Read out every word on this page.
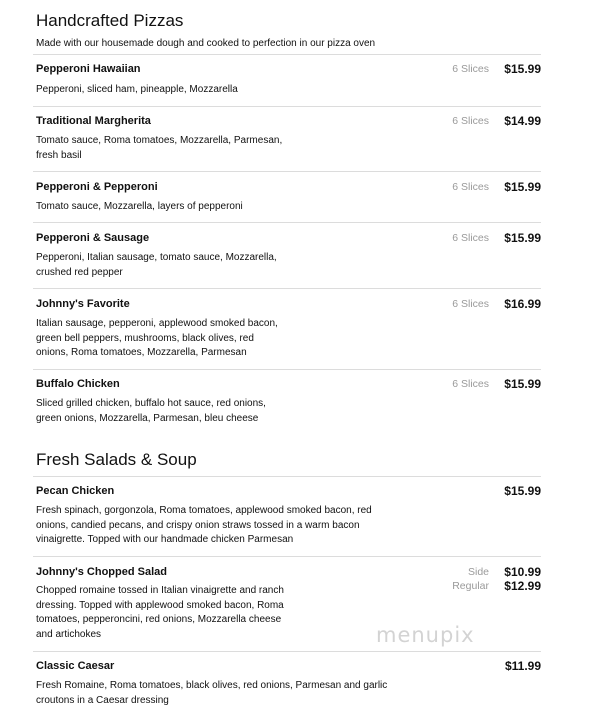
Handcrafted Pizzas

Made with our housemade dough and cooked to perfection in our pizza oven

Pepperoni Hawaiian	6 Slices $15.99
Pepperoni, sliced ham, pineapple, Mozzarella
Traditional Margherita	6 Slices $14.99
Tomato sauce, Roma tomatoes, Mozzarella, Parmesan,
fresh basil
Pepperoni & Pepperoni	6 Slices $15.99
Tomato sauce, Mozzarella, layers of pepperoni
Pepperoni & Sausage	6 Slices $15.99
Pepperoni, Italian sausage, tomato sauce, Mozzarella,
crushed red pepper
Johnny's Favorite	6 Slices $16.99
Italian sausage, pepperoni, applewood smoked bacon,
green bell peppers, mushrooms, black olives, red
onions, Roma tomatoes, Mozzarella, Parmesan
Buffalo Chicken	6 Slices $15.99
Sliced grilled chicken, buffalo hot sauce, red onions,
green onions, Mozzarella, Parmesan, bleu cheese
Fresh Salads & Soup
Pecan Chicken	$15.99
Fresh spinach, gorgonzola, Roma tomatoes, applewood smoked bacon, red
onions, candied pecans, and crispy onion straws tossed in a warm bacon
vinaigrette. Topped with our handmade chicken Parmesan
Johnny's Chopped Salad	Side $10.99
Regular $12.99
Chopped romaine tossed in Italian vinaigrette and ranch
dressing. Topped with applewood smoked bacon, Roma
tomatoes, pepperoncini, red onions, Mozzarella cheese
and artichokes	menupix
Classic Caesar	$11.99
Fresh Romaine, Roma tomatoes, black olives, red onions, Parmesan and garlic
croutons in a Caesar dressing
